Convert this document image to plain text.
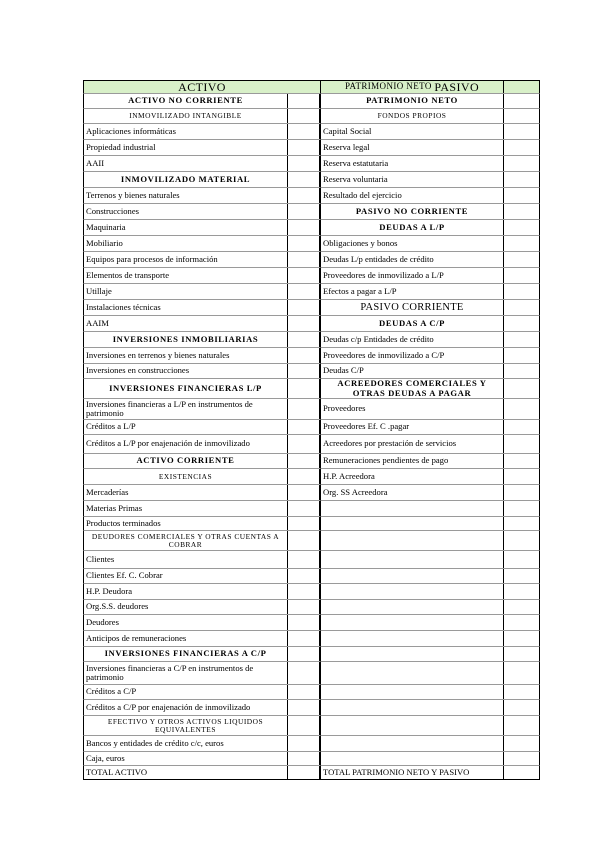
ACTIVO
ACTIVO NO CORRIENTE
INMOVILIZADO INTANGIBLE
Aplicaciones informáticas
Propiedad industrial
AAII
INMOVILIZADO MATERIAL
Terrenos y bienes naturales
Construcciones
Maquinaria
Mobiliario
Equipos para procesos de información
Elementos de transporte
Utillaje
Instalaciones técnicas
AAIM
INVERSIONES INMOBILIARIAS
Inversiones en terrenos y bienes naturales
Inversiones en construcciones
INVERSIONES FINANCIERAS L/P
Inversiones financieras a L/P en instrumentos de patrimonio
Créditos a L/P
Créditos a L/P por enajenación de inmovilizado
ACTIVO CORRIENTE
EXISTENCIAS
Mercaderías
Materias Primas
Productos terminados
DEUDORES COMERCIALES Y OTRAS CUENTAS A COBRAR
Clientes
Clientes Ef. C. Cobrar
H.P. Deudora
Org.S.S. deudores
Deudores
Anticipos de remuneraciones
INVERSIONES FINANCIERAS A C/P
Inversiones financieras a C/P en instrumentos de patrimonio
Créditos a C/P
Créditos a C/P por enajenación de inmovilizado
EFECTIVO Y OTROS ACTIVOS LIQUIDOS EQUIVALENTES
Bancos y entidades de crédito c/c, euros
Caja, euros
TOTAL ACTIVO
PATRIMONIO NETO
PASIVO
PATRIMONIO NETO
FONDOS PROPIOS
Capital Social
Reserva legal
Reserva estatutaria
Reserva voluntaria
Resultado del ejercicio
PASIVO NO CORRIENTE
DEUDAS A L/P
Obligaciones y bonos
Deudas L/p entidades de crédito
Proveedores de inmovilizado a L/P
Efectos a pagar a L/P
PASIVO CORRIENTE
DEUDAS A C/P
Deudas c/p Entidades de crédito
Proveedores de inmovilizado a C/P
Deudas C/P
ACREEDORES COMERCIALES Y OTRAS DEUDAS A PAGAR
Proveedores
Proveedores Ef. C .pagar
Acreedores por prestación de servicios
Remuneraciones pendientes de pago
H.P. Acreedora
Org. SS Acreedora
TOTAL PATRIMONIO NETO Y PASIVO
